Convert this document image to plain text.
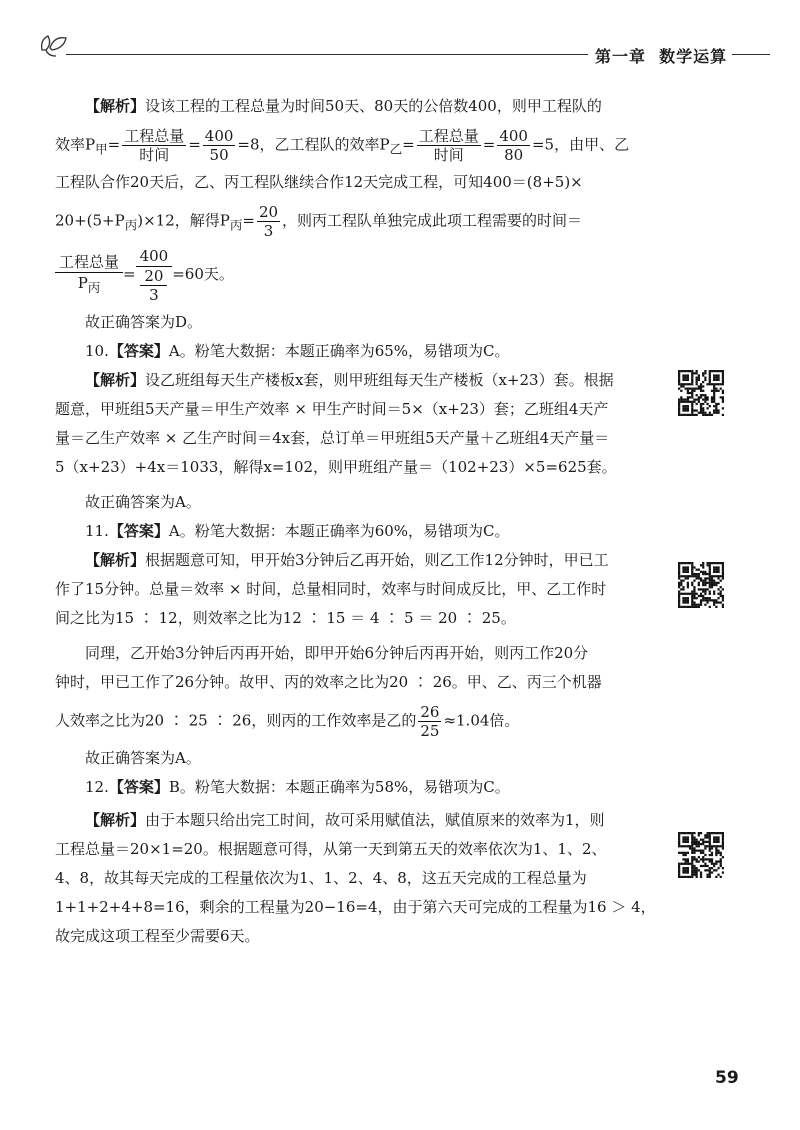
第一章 数学运算

【解析】设该工程的工程总量为时间50天、80天的公倍数400，则甲工程队的

效率$P_甲= \frac{\text{工程总量}}{\text{时间}} = \frac{400}{50} =8$，乙工程队的效率$P_乙= \frac{\text{工程总量}}{\text{时间}} = \frac{400}{80} =5$，由甲、乙

工程队合作20天后，乙、丙工程队继续合作12天完成工程，可知400＝(8+5)×

$20+(5+P_丙)\times 12$，解得$P_丙= \frac{20}{3}$ ，则丙工程队单独完成此项工程需要的时间＝

$\frac{\text{工程总量}}{P_丙} = \frac{400}{\frac{20}{3}} =60$天。

故正确答案为D。

10.【答案】A。粉笔大数据：本题正确率为65%，易错项为C。

【解析】设乙班组每天生产楼板x套，则甲班组每天生产楼板（x+23）套。根据

题意，甲班组5天产量＝甲生产效率 × 甲生产时间＝5×（x+23）套；乙班组4天产

量＝乙生产效率 × 乙生产时间＝4x套，总订单＝甲班组5天产量＋乙班组4天产量＝

5（x+23）+4x＝1033，解得x=102，则甲班组产量＝（102+23）×5=625套。

故正确答案为A。

11.【答案】A。粉笔大数据：本题正确率为60%，易错项为C。

【解析】根据题意可知，甲开始3分钟后乙再开始，则乙工作12分钟时，甲已工

作了15分钟。总量＝效率 × 时间，总量相同时，效率与时间成反比，甲、乙工作时

间之比为15 ∶ 12，则效率之比为12 ∶ 15 ＝ 4 ∶ 5 ＝ 20 ∶ 25。

同理，乙开始3分钟后丙再开始，即甲开始6分钟后丙再开始，则丙工作20分

钟时，甲已工作了26分钟。故甲、丙的效率之比为20 ∶ 26。甲、乙、丙三个机器

人效率之比为20 ∶ 25 ∶ 26，则丙的工作效率是乙的 $\frac{26}{25} \approx 1.04$倍。

故正确答案为A。

12.【答案】B。粉笔大数据：本题正确率为58%，易错项为C。

【解析】由于本题只给出完工时间，故可采用赋值法，赋值原来的效率为1，则

工程总量＝20×1=20。根据题意可得，从第一天到第五天的效率依次为1、1、2、

4、8，故其每天完成的工程量依次为1、1、2、4、8，这五天完成的工程总量为

1+1+2+4+8=16，剩余的工程量为20−16=4，由于第六天可完成的工程量为16 ＞ 4，

故完成这项工程至少需要6天。

59
